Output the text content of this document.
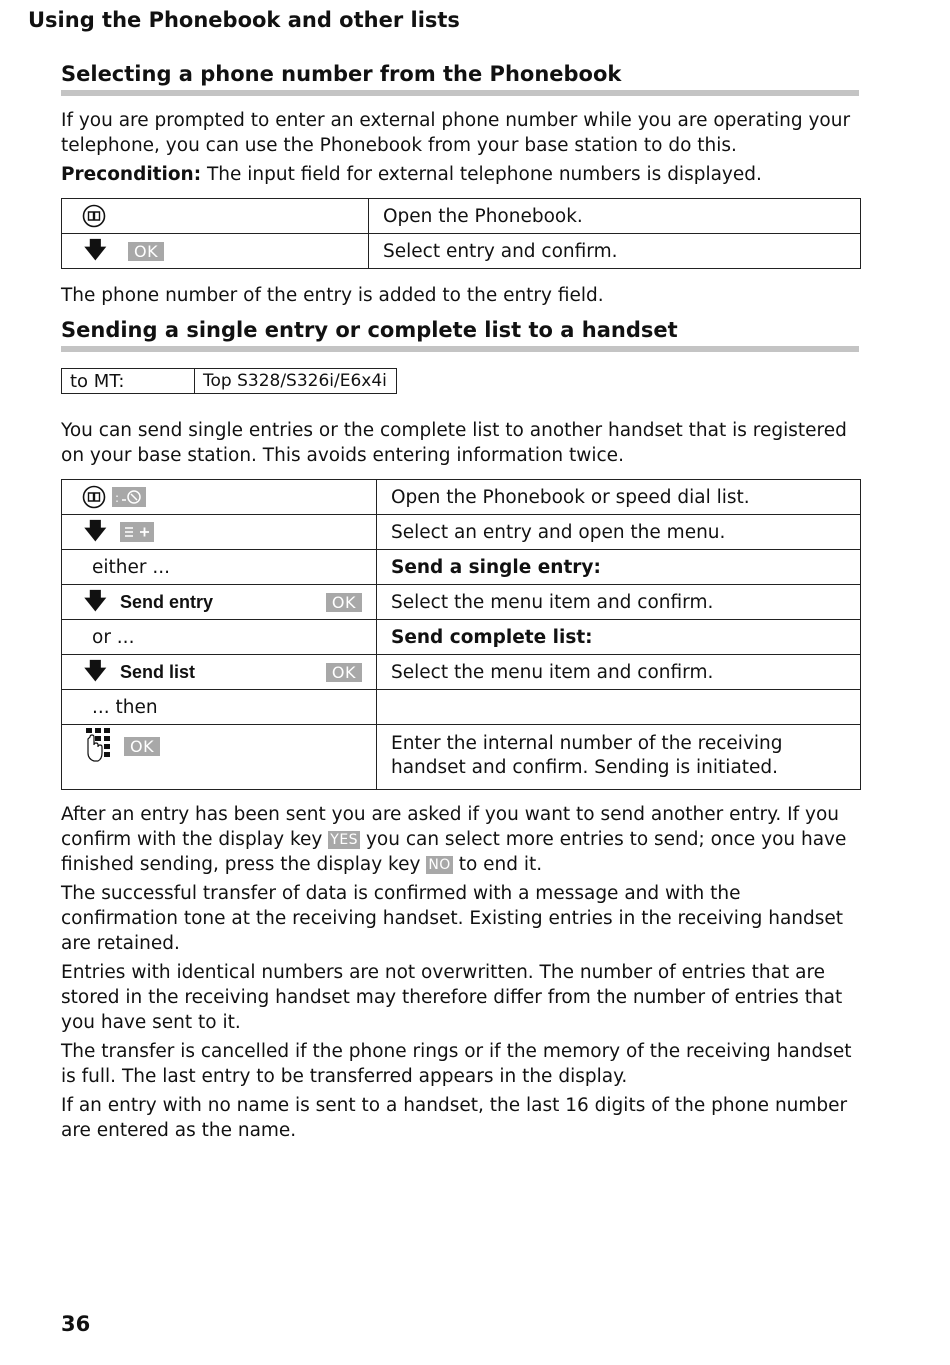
Using the Phonebook and other lists
Selecting a phone number from the Phonebook

If you are prompted to enter an external phone number while you are operating your telephone, you can use the Phonebook from your base station to do this.

Precondition: The input field for external telephone numbers is displayed.

	Open the Phonebook.

🡇 OK	Select entry and confirm.

The phone number of the entry is added to the entry field.

Sending a single entry or complete list to a handset
to MT:	Top S328/S326i/E6x4i

You can send single entries or the complete list to another handset that is registered on your base station. This avoids entering information twice.

:	Open the Phonebook or speed dial list.

🡇	Select an entry and open the menu.
either ...	Send a single entry:

🡇 Send entry OK	Select the menu item and confirm.
or ...	Send complete list:

🡇 Send list OK	Select the menu item and confirm.
... then	

OK	Enter the internal number of the receiving handset and confirm. Sending is initiated.

After an entry has been sent you are asked if you want to send another entry. If you confirm with the display key YES you can select more entries to send; once you have finished sending, press the display key NO to end it.

The successful transfer of data is confirmed with a message and with the confirmation tone at the receiving handset. Existing entries in the receiving handset are retained.

Entries with identical numbers are not overwritten. The number of entries that are stored in the receiving handset may therefore differ from the number of entries that you have sent to it.

The transfer is cancelled if the phone rings or if the memory of the receiving handset is full. The last entry to be transferred appears in the display.

If an entry with no name is sent to a handset, the last 16 digits of the phone number are entered as the name.

36
